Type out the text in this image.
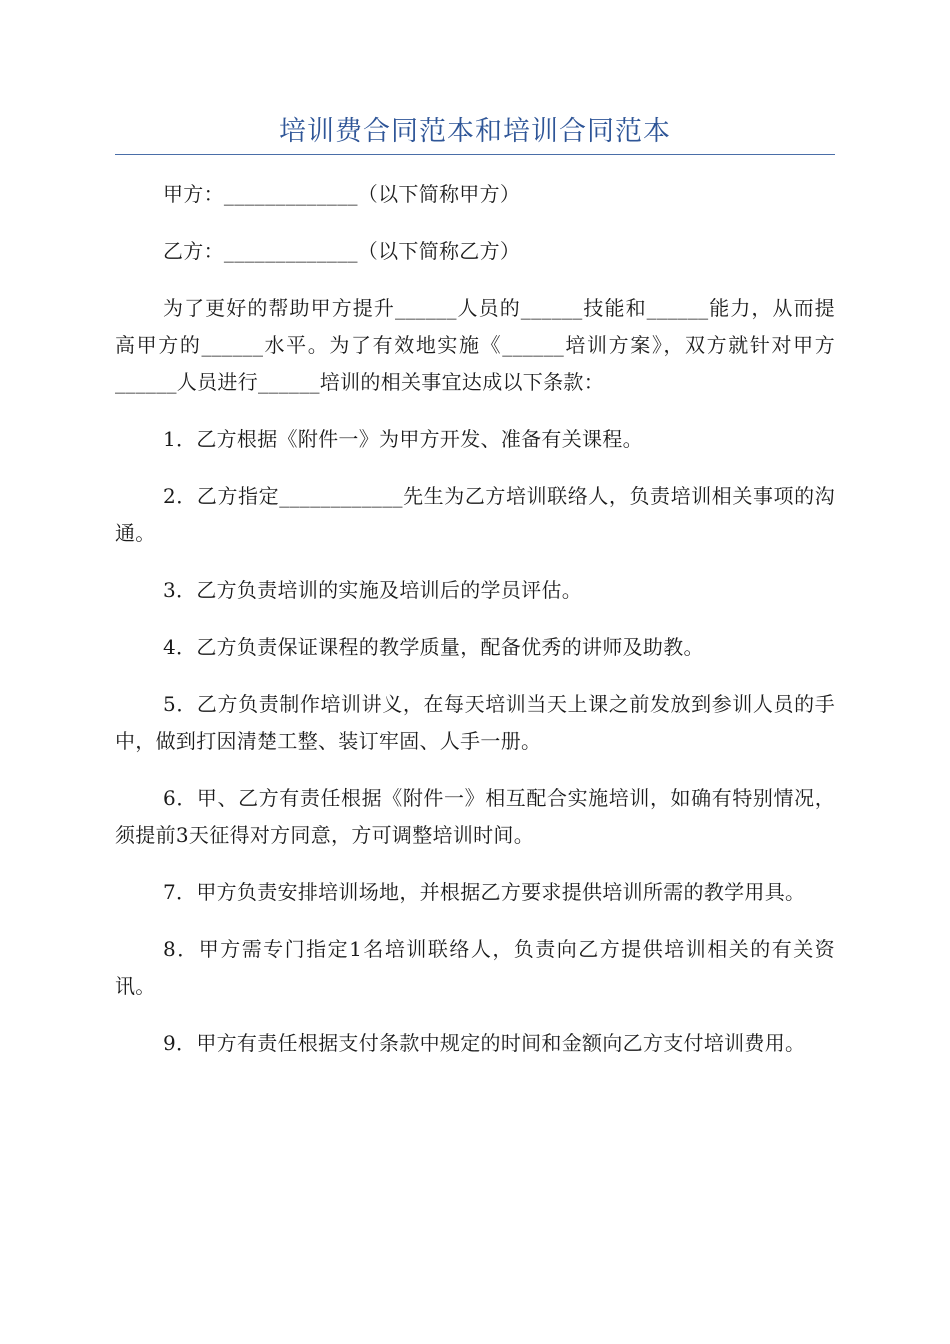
培训费合同范本和培训合同范本

甲方：_____________（以下简称甲方）

乙方：_____________（以下简称乙方）

为了更好的帮助甲方提升______人员的______技能和______能力，从而提高甲方的______水平。为了有效地实施《______培训方案》，双方就针对甲方______人员进行______培训的相关事宜达成以下条款：

1．乙方根据《附件一》为甲方开发、准备有关课程。

2．乙方指定____________先生为乙方培训联络人，负责培训相关事项的沟通。

3．乙方负责培训的实施及培训后的学员评估。

4．乙方负责保证课程的教学质量，配备优秀的讲师及助教。

5．乙方负责制作培训讲义，在每天培训当天上课之前发放到参训人员的手中，做到打因清楚工整、装订牢固、人手一册。

6．甲、乙方有责任根据《附件一》相互配合实施培训，如确有特别情况，须提前3天征得对方同意，方可调整培训时间。

7．甲方负责安排培训场地，并根据乙方要求提供培训所需的教学用具。

8．甲方需专门指定1名培训联络人，负责向乙方提供培训相关的有关资讯。

9．甲方有责任根据支付条款中规定的时间和金额向乙方支付培训费用。
